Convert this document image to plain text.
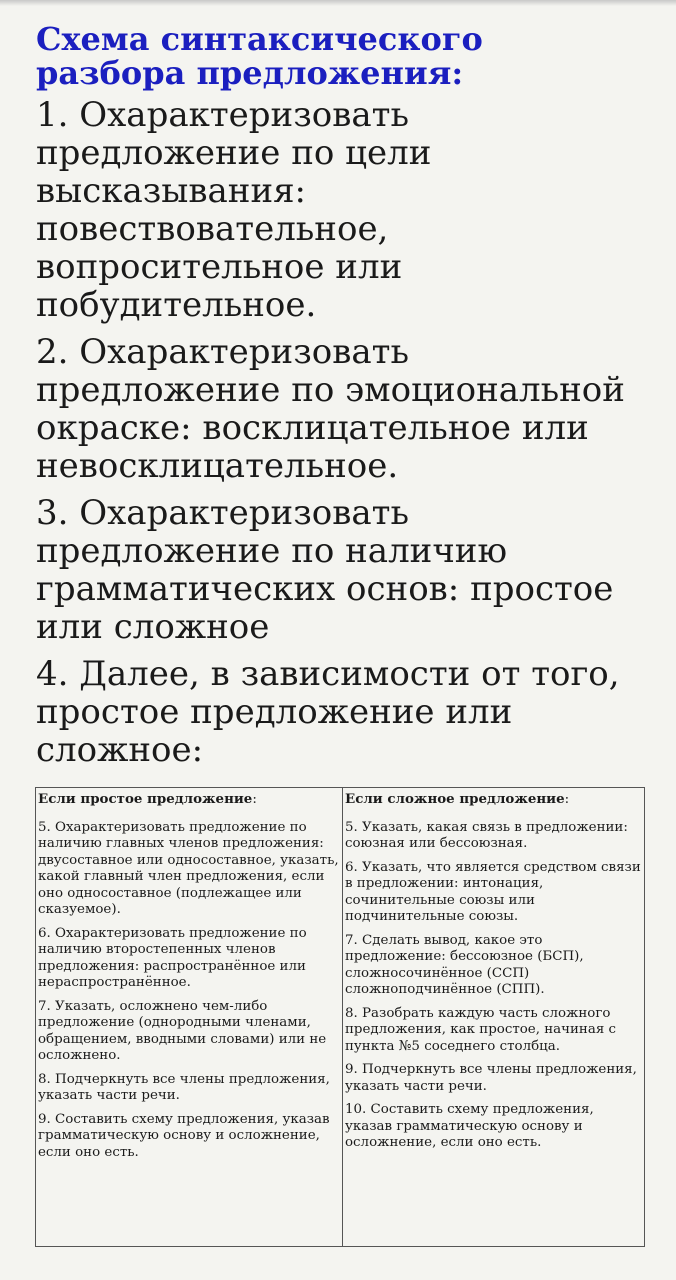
Схема синтаксического разбора предложения:

1. Охарактеризовать предложение по цели высказывания: повествовательное, вопросительное или побудительное.

2. Охарактеризовать предложение по эмоциональной окраске: восклицательное или невосклицательное.

3. Охарактеризовать предложение по наличию грамматических основ: простое или сложное

4. Далее, в зависимости от того, простое предложение или сложное:

Если простое предложение:

5. Охарактеризовать предложение по наличию главных членов предложения: двусоставное или односоставное, указать, какой главный член предложения, если оно односоставное (подлежащее или сказуемое).

6. Охарактеризовать предложение по наличию второстепенных членов предложения: распространённое или нераспространённое.

7. Указать, осложнено чем-либо предложение (однородными членами, обращением, вводными словами) или не осложнено.

8. Подчеркнуть все члены предложения, указать части речи.

9. Составить схему предложения, указав грамматическую основу и осложнение, если оно есть.

Если сложное предложение:

5. Указать, какая связь в предложении: союзная или бессоюзная.

6. Указать, что является средством связи в предложении: интонация, сочинительные союзы или подчинительные союзы.

7. Сделать вывод, какое это предложение: бессоюзное (БСП), сложносочинённое (ССП) сложноподчинённое (СПП).

8. Разобрать каждую часть сложного предложения, как простое, начиная с пункта №5 соседнего столбца.

9. Подчеркнуть все члены предложения, указать части речи.

10. Составить схему предложения, указав грамматическую основу и осложнение, если оно есть.
